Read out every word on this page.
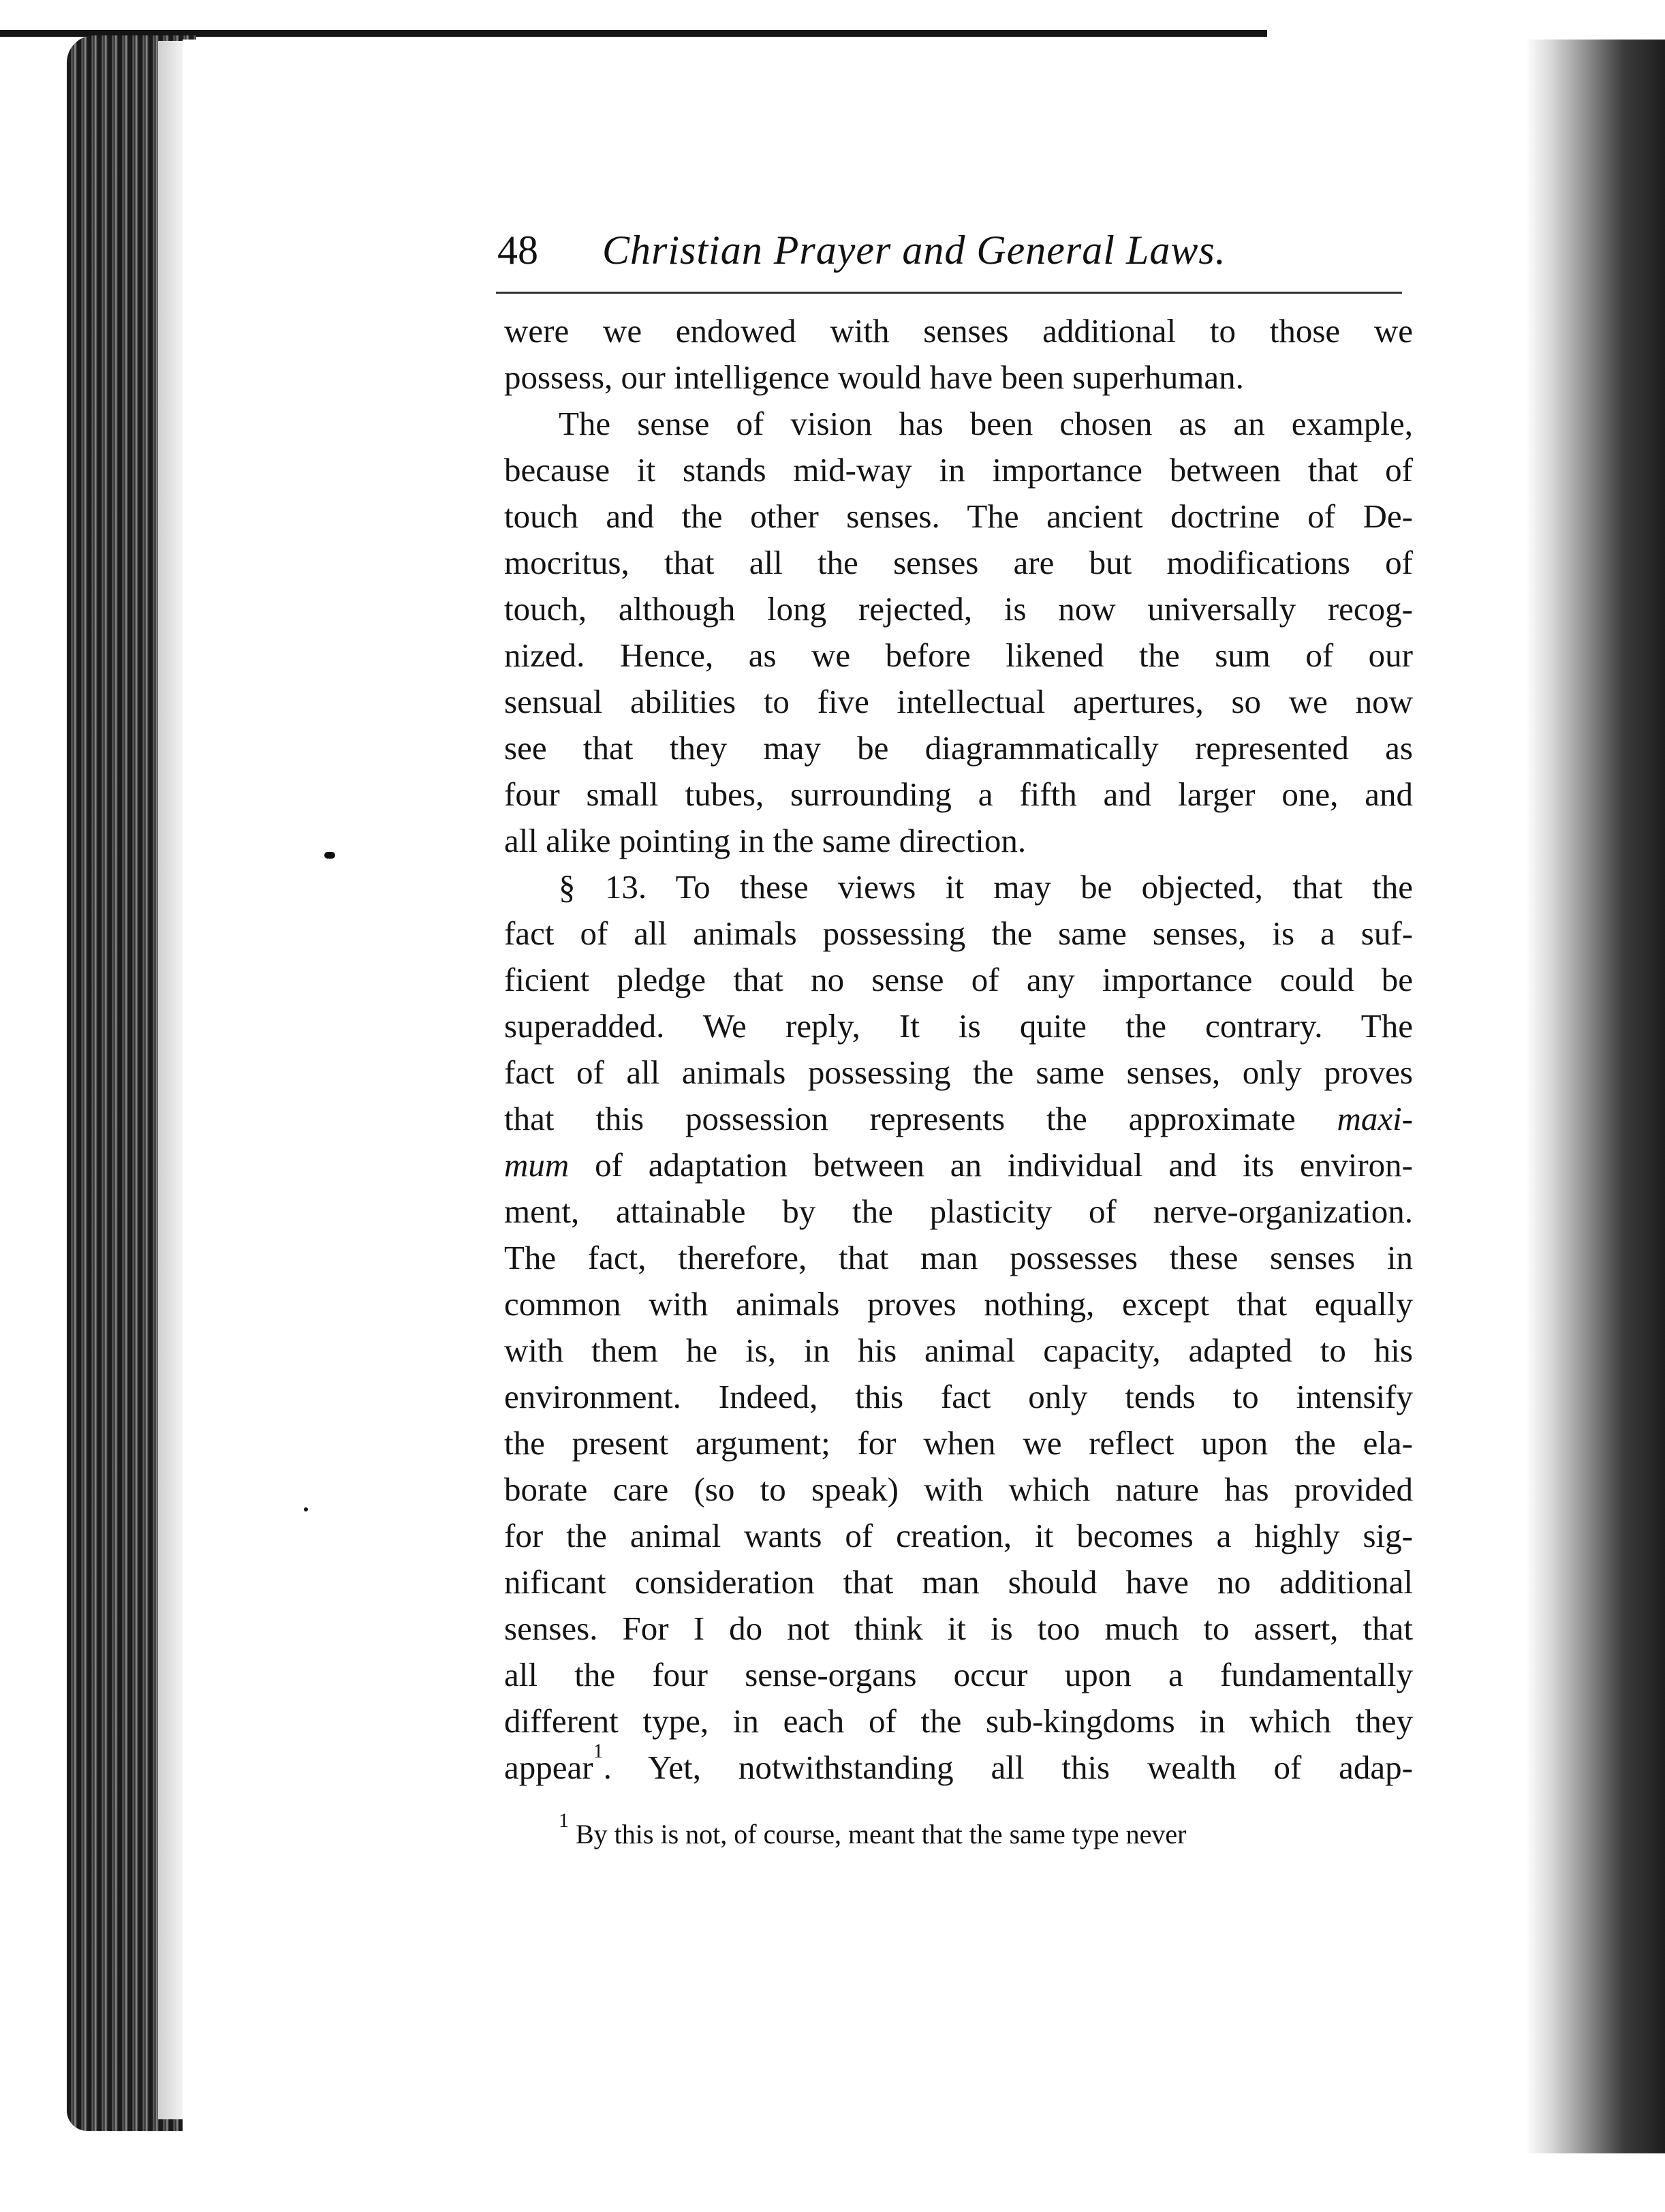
48 Christian Prayer and General Laws.
were we endowed with senses additional to those we
possess, our intelligence would have been superhuman.
The sense of vision has been chosen as an example,
because it stands mid-way in importance between that of
touch and the other senses. The ancient doctrine of De-
mocritus, that all the senses are but modifications of
touch, although long rejected, is now universally recog-
nized. Hence, as we before likened the sum of our
sensual abilities to five intellectual apertures, so we now
see that they may be diagrammatically represented as
four small tubes, surrounding a fifth and larger one, and
all alike pointing in the same direction.
§ 13. To these views it may be objected, that the
fact of all animals possessing the same senses, is a suf-
ficient pledge that no sense of any importance could be
superadded. We reply, It is quite the contrary. The
fact of all animals possessing the same senses, only proves
that this possession represents the approximate maxi-
mum of adaptation between an individual and its environ-
ment, attainable by the plasticity of nerve-organization.
The fact, therefore, that man possesses these senses in
common with animals proves nothing, except that equally
with them he is, in his animal capacity, adapted to his
environment. Indeed, this fact only tends to intensify
the present argument; for when we reflect upon the ela-
borate care (so to speak) with which nature has provided
for the animal wants of creation, it becomes a highly sig-
nificant consideration that man should have no additional
senses. For I do not think it is too much to assert, that
all the four sense-organs occur upon a fundamentally
different type, in each of the sub-kingdoms in which they
appear$^1$. Yet, notwithstanding all this wealth of adap-
$^1$ By this is not, of course, meant that the same type never
